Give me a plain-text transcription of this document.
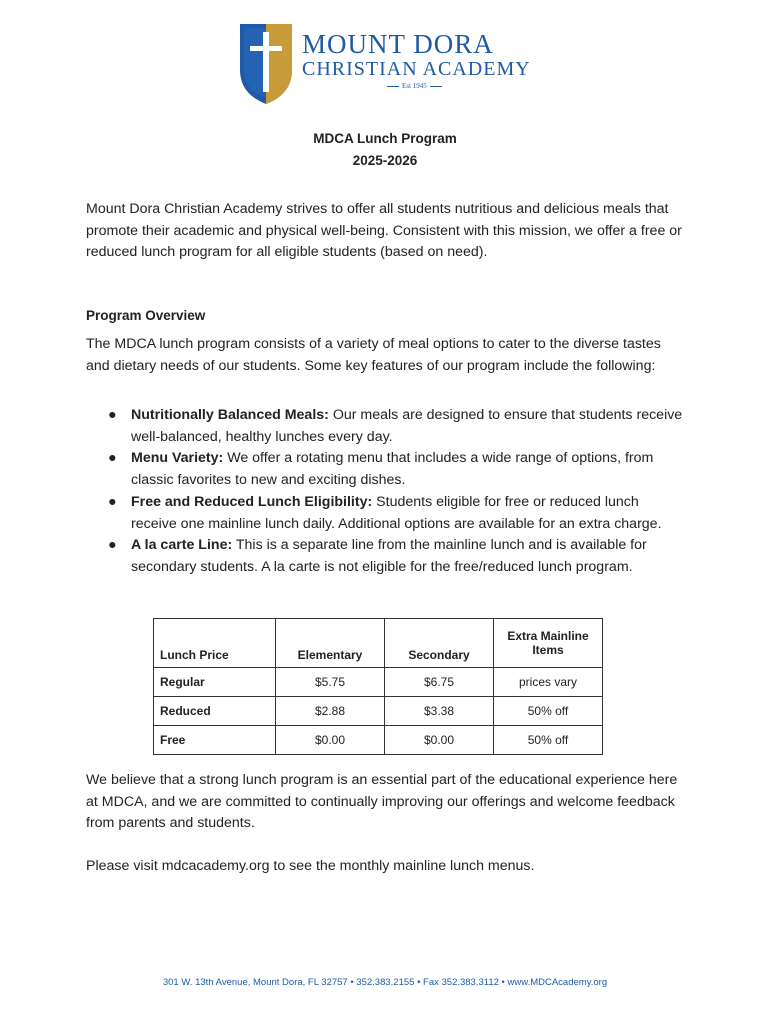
MOUNT DORA
CHRISTIAN ACADEMY
Est 1945
MDCA Lunch Program
2025-2026
Mount Dora Christian Academy strives to offer all students nutritious and delicious meals that promote their academic and physical well-being. Consistent with this mission, we offer a free or reduced lunch program for all eligible students (based on need).
Program Overview
The MDCA lunch program consists of a variety of meal options to cater to the diverse tastes and dietary needs of our students. Some key features of our program include the following:
● Nutritionally Balanced Meals: Our meals are designed to ensure that students receive well-balanced, healthy lunches every day.
● Menu Variety: We offer a rotating menu that includes a wide range of options, from classic favorites to new and exciting dishes.
● Free and Reduced Lunch Eligibility: Students eligible for free or reduced lunch receive one mainline lunch daily. Additional options are available for an extra charge.
● A la carte Line: This is a separate line from the mainline lunch and is available for secondary students. A la carte is not eligible for the free/reduced lunch program.
Lunch Price	Elementary	Secondary	Extra Mainline Items
Regular	$5.75	$6.75	prices vary
Reduced	$2.88	$3.38	50% off
Free	$0.00	$0.00	50% off
We believe that a strong lunch program is an essential part of the educational experience here at MDCA, and we are committed to continually improving our offerings and welcome feedback from parents and students.
Please visit mdcacademy.org to see the monthly mainline lunch menus.
301 W. 13th Avenue, Mount Dora, FL 32757 • 352.383.2155 • Fax 352.383.3112 • www.MDCAcademy.org
